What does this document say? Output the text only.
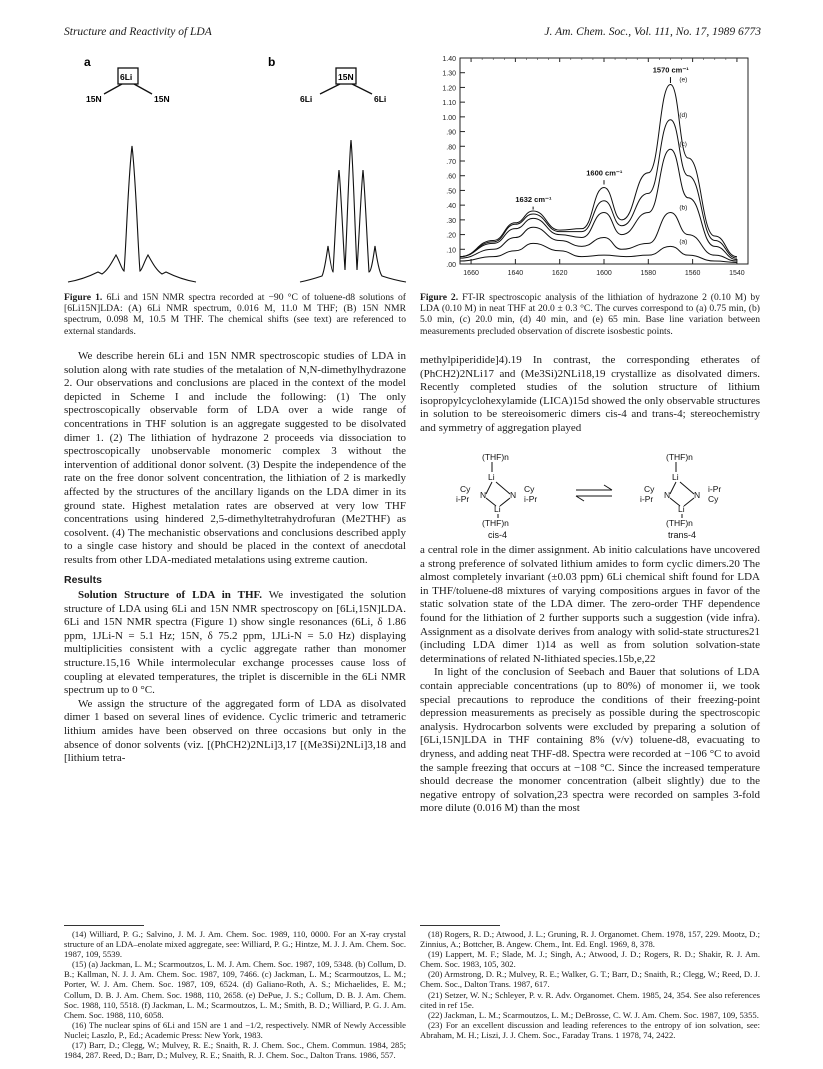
Structure and Reactivity of LDA	J. Am. Chem. Soc., Vol. 111, No. 17, 1989 6773
a	b
6Li
15N	15N
15N
6Li	6Li
Figure 1. 6Li and 15N NMR spectra recorded at −90 °C of toluene-d8 solutions of [6Li15N]LDA: (A) 6Li NMR spectrum, 0.016 M, 11.0 M THF; (B) 15N NMR spectrum, 0.098 M, 10.5 M THF. The chemical shifts (see text) are referenced to external standards.

We describe herein 6Li and 15N NMR spectroscopic studies of LDA in solution along with rate studies of the metalation of N,N-dimethylhydrazone 2. Our observations and conclusions are placed in the context of the model depicted in Scheme I and include the following: (1) The only spectroscopically observable form of LDA over a wide range of concentrations in THF solution is an aggregate suggested to be disolvated dimer 1. (2) The lithiation of hydrazone 2 proceeds via dissociation to spectroscopically unobservable monomeric complex 3 without the intervention of additional donor solvent. (3) Despite the independence of the rate on the free donor solvent concentration, the lithiation of 2 is markedly affected by the structures of the ancillary ligands on the LDA dimer in its ground state. Highest metalation rates are observed at very low THF concentrations using hindered 2,5-dimethyltetrahydrofuran (Me2THF) as cosolvent. (4) The mechanistic observations and conclusions described apply to a single case history and should be placed in the context of anecdotal results from other LDA-mediated metalations using extreme caution.

Results

Solution Structure of LDA in THF. We investigated the solution structure of LDA using 6Li and 15N NMR spectroscopy on [6Li,15N]LDA. 6Li and 15N NMR spectra (Figure 1) show single resonances (6Li, δ 1.86 ppm, 1JLi-N = 5.1 Hz; 15N, δ 75.2 ppm, 1JLi-N = 5.0 Hz) displaying multiplicities consistent with a cyclic aggregate rather than monomer structure.15,16 While intermolecular exchange processes cause loss of coupling at elevated temperatures, the triplet is discernible in the 6Li NMR spectrum up to 0 °C.

We assign the structure of the aggregated form of LDA as disolvated dimer 1 based on several lines of evidence. Cyclic trimeric and tetrameric lithium amides have been observed on three occasions but only in the absence of donor solvents (viz. [(PhCH2)2NLi]3,17 [(Me3Si)2NLi]3,18 and [lithium tetra-

1.40
1.30
1.20
1.10
1.00
.90
.80
.70
.60
.50
.40
.30
.20
.10
.00
1660	1640	1620	1600	1580	1560	1540
(a)
(b)
(c)
(d)
(e)
1570 cm⁻¹
1600 cm⁻¹
1632 cm⁻¹
Figure 2. FT-IR spectroscopic analysis of the lithiation of hydrazone 2 (0.10 M) by LDA (0.10 M) in neat THF at 20.0 ± 0.3 °C. The curves correspond to (a) 0.75 min, (b) 5.0 min, (c) 20.0 min, (d) 40 min, and (e) 65 min. Base line variation between measurements precluded observation of discrete isosbestic points.

methylpiperidide]4).19 In contrast, the corresponding etherates of (PhCH2)2NLi17 and (Me3Si)2NLi18,19 crystallize as disolvated dimers. Recently completed studies of the solution structure of lithium isopropylcyclohexylamide (LICA)15d showed the only observable structures in solution to be stereoisomeric dimers cis-4 and trans-4; stereochemistry and symmetry of aggregation played

(THF)n
Li
Cy
i-Pr N	N
Cy
i-Pr
Li
(THF)n
cis-4
(THF)n
Li
Cy
i-Pr N	N
i-Pr
Cy
Li
(THF)n
trans-4

a central role in the dimer assignment. Ab initio calculations have uncovered a strong preference of solvated lithium amides to form cyclic dimers.20 The almost completely invariant (±0.03 ppm) 6Li chemical shift found for LDA in THF/toluene-d8 mixtures of varying compositions argues in favor of the static solvation state of the LDA dimer. The zero-order THF dependence found for the lithiation of 2 further supports such a suggestion (vide infra). Assignment as a disolvate derives from analogy with solid-state structures21 (including LDA dimer 1)14 as well as from solution solvation-state determinations of related N-lithiated species.15b,e,22

In light of the conclusion of Seebach and Bauer that solutions of LDA contain appreciable concentrations (up to 80%) of monomer ii, we took special precautions to reproduce the conditions of their freezing-point depression measurements as precisely as possible during the spectroscopic analysis. Hydrocarbon solvents were excluded by preparing a solution of [6Li,15N]LDA in THF containing 8% (v/v) toluene-d8, evacuating to dryness, and adding neat THF-d8. Spectra were recorded at −106 °C to avoid the sample freezing that occurs at −108 °C. Since the increased temperature should decrease the monomer concentration (albeit slightly) due to the negative entropy of solvation,23 spectra were recorded on samples 3-fold more dilute (0.016 M) than the most

(14) Williard, P. G.; Salvino, J. M. J. Am. Chem. Soc. 1989, 110, 0000. For an X-ray crystal structure of an LDA–enolate mixed aggregate, see: Williard, P. G.; Hintze, M. J. J. Am. Chem. Soc. 1987, 109, 5539.
(15) (a) Jackman, L. M.; Scarmoutzos, L. M. J. Am. Chem. Soc. 1987, 109, 5348. (b) Collum, D. B.; Kallman, N. J. J. Am. Chem. Soc. 1987, 109, 7466. (c) Jackman, L. M.; Scarmoutzos, L. M.; Porter, W. J. Am. Chem. Soc. 1987, 109, 6524. (d) Galiano-Roth, A. S.; Michaelides, E. M.; Collum, D. B. J. Am. Chem. Soc. 1988, 110, 2658. (e) DePue, J. S.; Collum, D. B. J. Am. Chem. Soc. 1988, 110, 5518. (f) Jackman, L. M.; Scarmoutzos, L. M.; Smith, B. D.; Williard, P. G. J. Am. Chem. Soc. 1988, 110, 6058.
(16) The nuclear spins of 6Li and 15N are 1 and −1/2, respectively. NMR of Newly Accessible Nuclei; Laszlo, P., Ed.; Academic Press: New York, 1983.
(17) Barr, D.; Clegg, W.; Mulvey, R. E.; Snaith, R. J. Chem. Soc., Chem. Commun. 1984, 285; 1984, 287. Reed, D.; Barr, D.; Mulvey, R. E.; Snaith, R. J. Chem. Soc., Dalton Trans. 1986, 557.
(18) Rogers, R. D.; Atwood, J. L.; Gruning, R. J. Organomet. Chem. 1978, 157, 229. Mootz, D.; Zinnius, A.; Bottcher, B. Angew. Chem., Int. Ed. Engl. 1969, 8, 378.
(19) Lappert, M. F.; Slade, M. J.; Singh, A.; Atwood, J. D.; Rogers, R. D.; Shakir, R. J. Am. Chem. Soc. 1983, 105, 302.
(20) Armstrong, D. R.; Mulvey, R. E.; Walker, G. T.; Barr, D.; Snaith, R.; Clegg, W.; Reed, D. J. Chem. Soc., Dalton Trans. 1987, 617.
(21) Setzer, W. N.; Schleyer, P. v. R. Adv. Organomet. Chem. 1985, 24, 354. See also references cited in ref 15e.
(22) Jackman, L. M.; Scarmoutzos, L. M.; DeBrosse, C. W. J. Am. Chem. Soc. 1987, 109, 5355.
(23) For an excellent discussion and leading references to the entropy of ion solvation, see: Abraham, M. H.; Liszi, J. J. Chem. Soc., Faraday Trans. 1 1978, 74, 2422.
